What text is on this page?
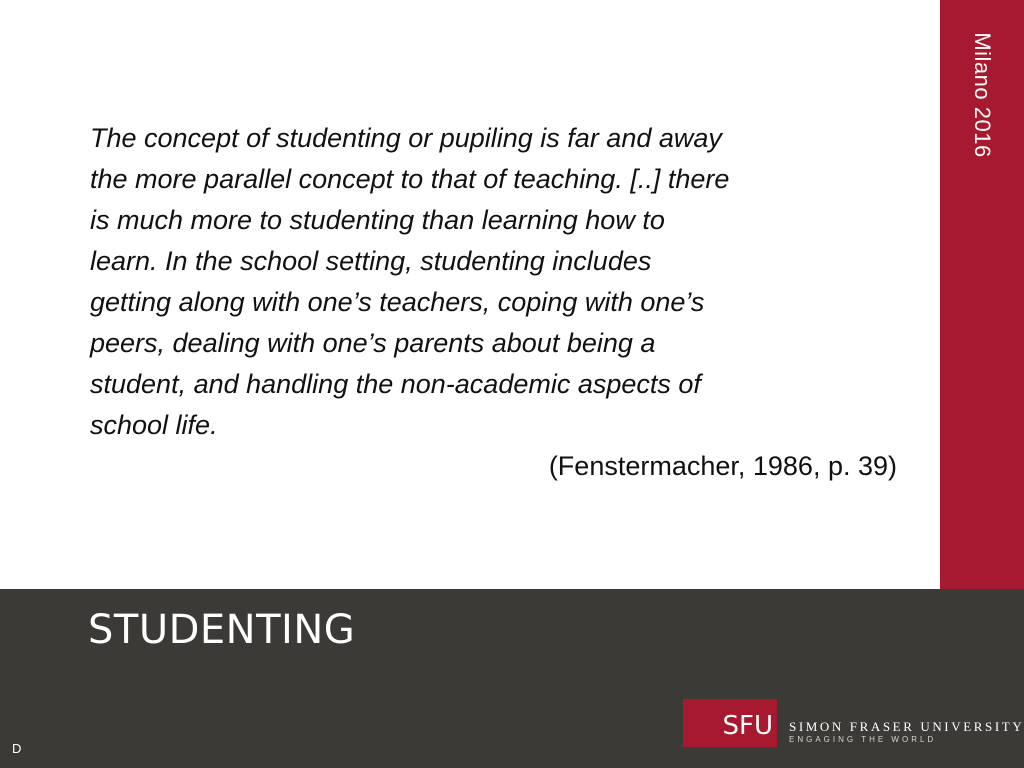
Milano 2016
The concept of studenting or pupiling is far and away
the more parallel concept to that of teaching. [..] there
is much more to studenting than learning how to
learn. In the school setting, studenting includes
getting along with one’s teachers, coping with one’s
peers, dealing with one’s parents about being a
student, and handling the non-academic aspects of
school life.
(Fenstermacher, 1986, p. 39)
STUDENTING
SFU	SIMON FRASER UNIVERSITY
ENGAGING THE WORLD
D
